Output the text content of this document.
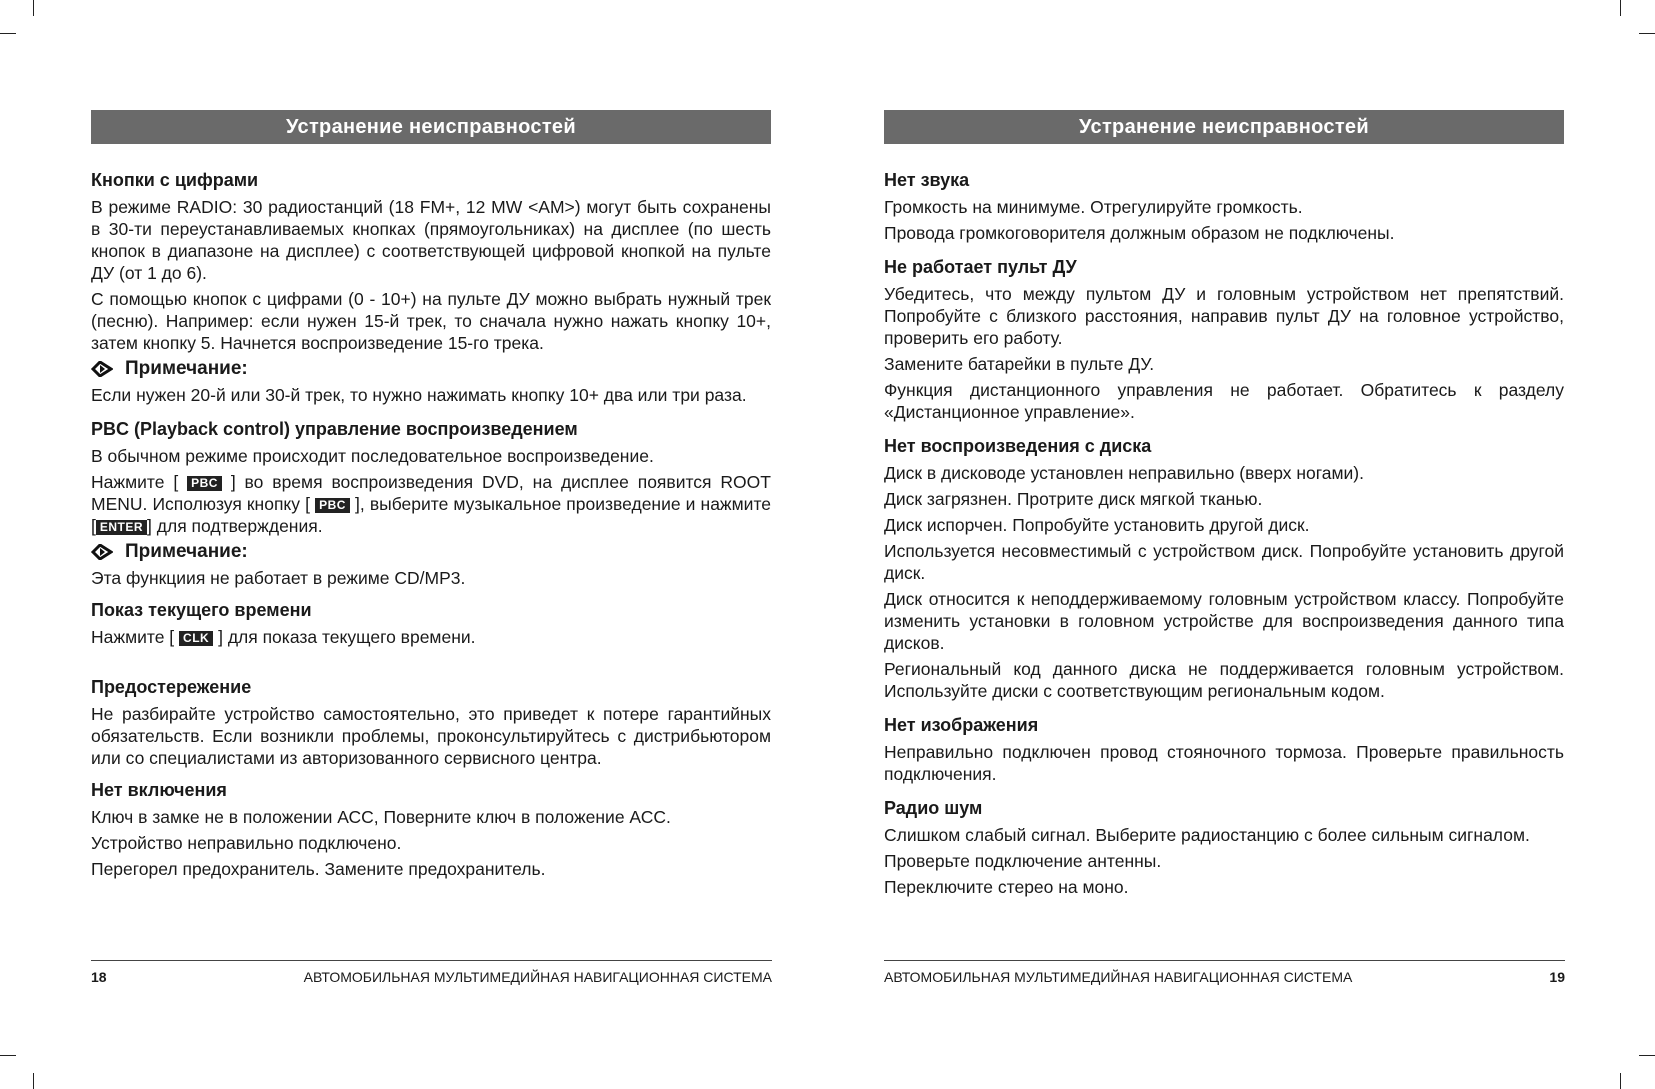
Устранение неисправностей
Кнопки с цифрами
В режиме RADIO: 30 радиостанций (18 FM+, 12 MW <AM>) могут быть сохранены в 30-ти переустанавливаемых кнопках (прямоугольниках) на дисплее (по шесть кнопок в диапазоне на дисплее) с соответствующей цифровой кнопкой на пульте ДУ (от 1 до 6).
С помощью кнопок с цифрами (0 - 10+) на пульте ДУ можно выбрать нужный трек (песню). Например: если нужен 15-й трек, то сначала нужно нажать кнопку 10+, затем кнопку 5. Начнется воспроизведение 15-го трека.
Примечание:
Если нужен 20-й или 30-й трек, то нужно нажимать кнопку 10+ два или три раза.
PBC (Playback control) управление воспроизведением
В обычном режиме происходит последовательное воспроизведение.
Нажмите [ PBC ] во время воспроизведения DVD, на дисплее появится ROOT MENU. Исполюзуя кнопку [ PBC ], выберите музыкальное произведение и нажмите [ ENTER ] для подтверждения.
Примечание:
Эта функциия не работает в режиме CD/MP3.
Показ текущего времени
Нажмите [ CLK ] для показа текущего времени.
Предостережение
Не разбирайте устройство самостоятельно, это приведет к потере гарантийных обязательств. Если возникли проблемы, проконсультируйтесь с дистрибьютором или со специалистами из авторизованного сервисного центра.
Нет включения
Ключ в замке не в положении АСС, Поверните ключ в положение АСС.
Устройство неправильно подключено.
Перегорел предохранитель. Замените предохранитель.
18	АВТОМОБИЛЬНАЯ МУЛЬТИМЕДИЙНАЯ НАВИГАЦИОННАЯ СИСТЕМА
Устранение неисправностей
Нет звука
Громкость на минимуме. Отрегулируйте громкость.
Провода громкоговорителя должным образом не подключены.
Не работает пульт ДУ
Убедитесь, что между пультом ДУ и головным устройством нет препятствий. Попробуйте с близкого расстояния, направив пульт ДУ на головное устройство, проверить его работу.
Замените батарейки в пульте ДУ.
Функция дистанционного управления не работает. Обратитесь к разделу «Дистанционное управление».
Нет воспроизведения с диска
Диск в дисководе установлен неправильно (вверх ногами).
Диск загрязнен. Протрите диск мягкой тканью.
Диск испорчен. Попробуйте установить другой диск.
Используется несовместимый с устройством диск. Попробуйте установить другой диск.
Диск относится к неподдерживаемому головным устройством классу. Попробуйте изменить установки в головном устройстве для воспроизведения данного типа дисков.
Региональный код данного диска не поддерживается головным устройством. Используйте диски с соответствующим региональным кодом.
Нет изображения
Неправильно подключен провод стояночного тормоза. Проверьте правильность подключения.
Радио шум
Слишком слабый сигнал. Выберите радиостанцию с более сильным сигналом.
Проверьте подключение антенны.
Переключите стерео на моно.
АВТОМОБИЛЬНАЯ МУЛЬТИМЕДИЙНАЯ НАВИГАЦИОННАЯ СИСТЕМА	19
